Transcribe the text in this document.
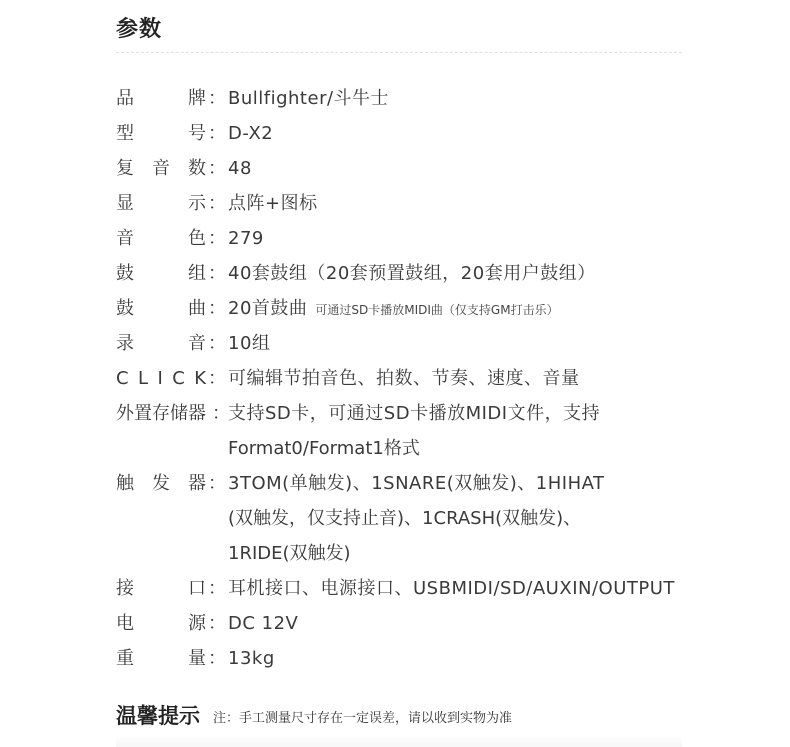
参数
品	牌 ： Bullfighter/斗牛士
型	号 ： D-X2
复 音 数 ： 48
显	示 ： 点阵+图标
音	色 ： 279
鼓	组 ： 40套鼓组（20套预置鼓组，20套用户鼓组）
鼓	曲 ： 20首鼓曲 可通过SD卡播放MIDI曲（仅支持GM打击乐）
录	音 ： 10组
C L I C K ： 可编辑节拍音色、拍数、节奏、速度、音量
外置存储器 ：
支持SD卡，可通过SD卡播放MIDI文件，支持
Format0/Format1格式
触 发 器 ： 3TOM(单触发)、1SNARE(双触发)、1HIHAT
(双触发，仅支持止音)、1CRASH(双触发)、
1RIDE(双触发)
接	口 ： 耳机接口、电源接口、USBMIDI/SD/AUXIN/OUTPUT
电	源 ： DC 12V
重	量 ： 13kg
温馨提示 注：手工测量尺寸存在一定误差，请以收到实物为准
